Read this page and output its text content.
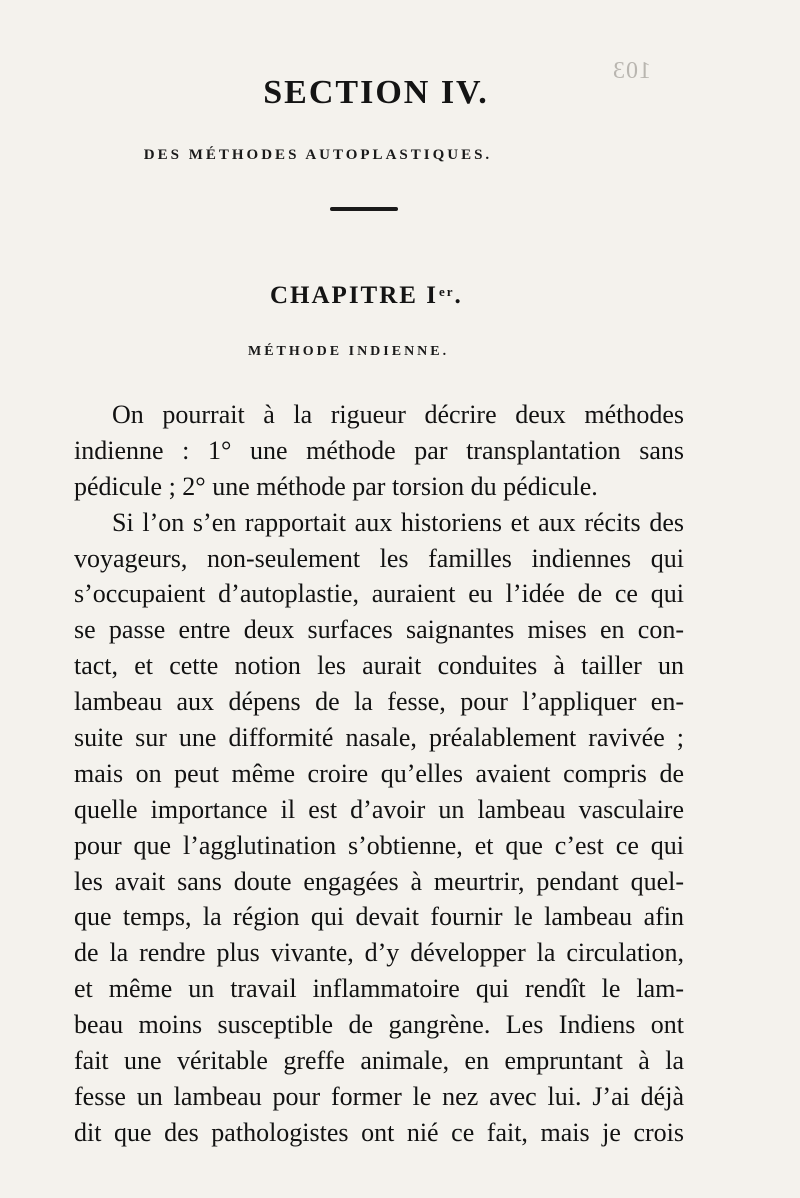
103
SECTION IV.
DES MÉTHODES AUTOPLASTIQUES.
CHAPITRE Ier.
MÉTHODE INDIENNE.
On pourrait à la rigueur décrire deux méthodes
indienne : 1° une méthode par transplantation sans
pédicule ; 2° une méthode par torsion du pédicule.
Si l’on s’en rapportait aux historiens et aux récits des
voyageurs, non-seulement les familles indiennes qui
s’occupaient d’autoplastie, auraient eu l’idée de ce qui
se passe entre deux surfaces saignantes mises en con-
tact, et cette notion les aurait conduites à tailler un
lambeau aux dépens de la fesse, pour l’appliquer en-
suite sur une difformité nasale, préalablement ravivée ;
mais on peut même croire qu’elles avaient compris de
quelle importance il est d’avoir un lambeau vasculaire
pour que l’agglutination s’obtienne, et que c’est ce qui
les avait sans doute engagées à meurtrir, pendant quel-
que temps, la région qui devait fournir le lambeau afin
de la rendre plus vivante, d’y développer la circulation,
et même un travail inflammatoire qui rendît le lam-
beau moins susceptible de gangrène. Les Indiens ont
fait une véritable greffe animale, en empruntant à la
fesse un lambeau pour former le nez avec lui. J’ai déjà
dit que des pathologistes ont nié ce fait, mais je crois
